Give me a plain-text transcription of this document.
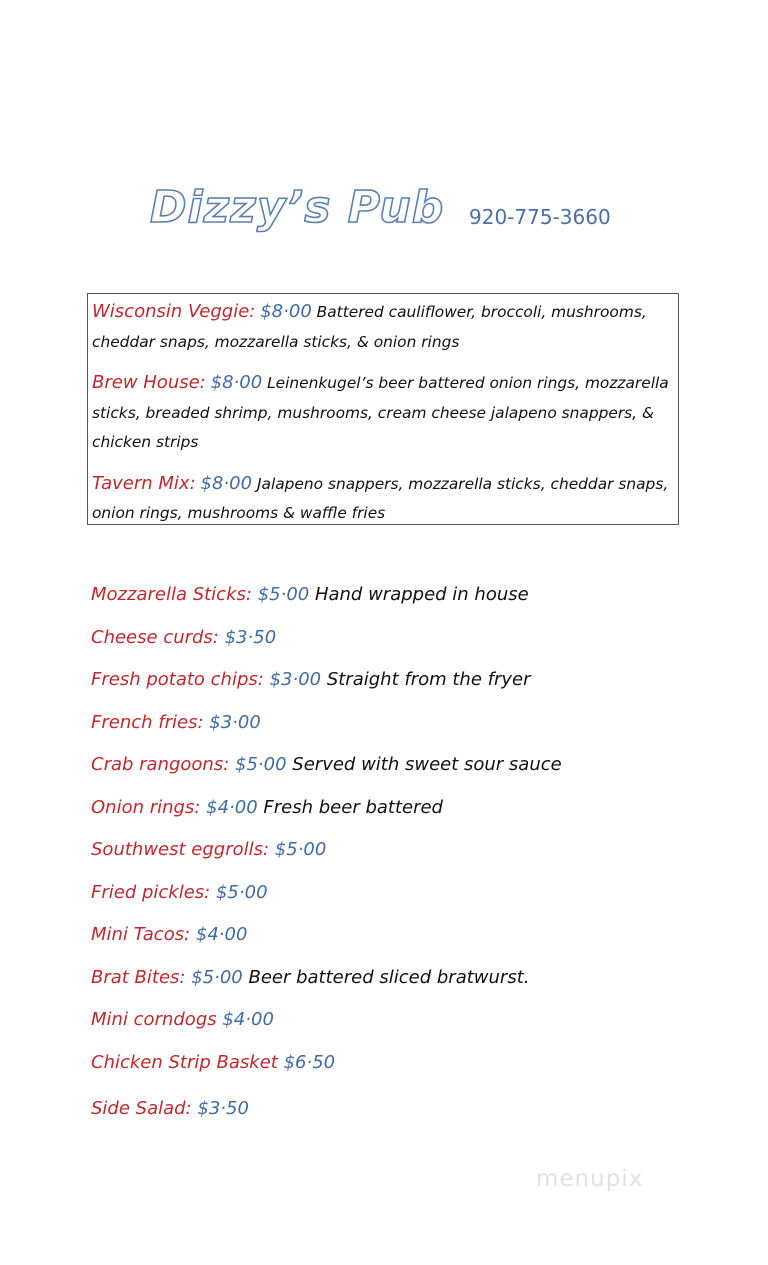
Dizzy’s Pub 920-775-3660
Wisconsin Veggie: $8·00 Battered cauliflower, broccoli, mushrooms, cheddar snaps, mozzarella sticks, & onion rings
Brew House: $8·00 Leinenkugel’s beer battered onion rings, mozzarella sticks, breaded shrimp, mushrooms, cream cheese jalapeno snappers, & chicken strips
Tavern Mix: $8·00 Jalapeno snappers, mozzarella sticks, cheddar snaps, onion rings, mushrooms & waffle fries
Mozzarella Sticks: $5·00 Hand wrapped in house
Cheese curds: $3·50
Fresh potato chips: $3·00 Straight from the fryer
French fries: $3·00
Crab rangoons: $5·00 Served with sweet sour sauce
Onion rings: $4·00 Fresh beer battered
Southwest eggrolls: $5·00
Fried pickles: $5·00
Mini Tacos: $4·00
Brat Bites: $5·00 Beer battered sliced bratwurst.
Mini corndogs $4·00
Chicken Strip Basket $6·50
Side Salad: $3·50
menupix
